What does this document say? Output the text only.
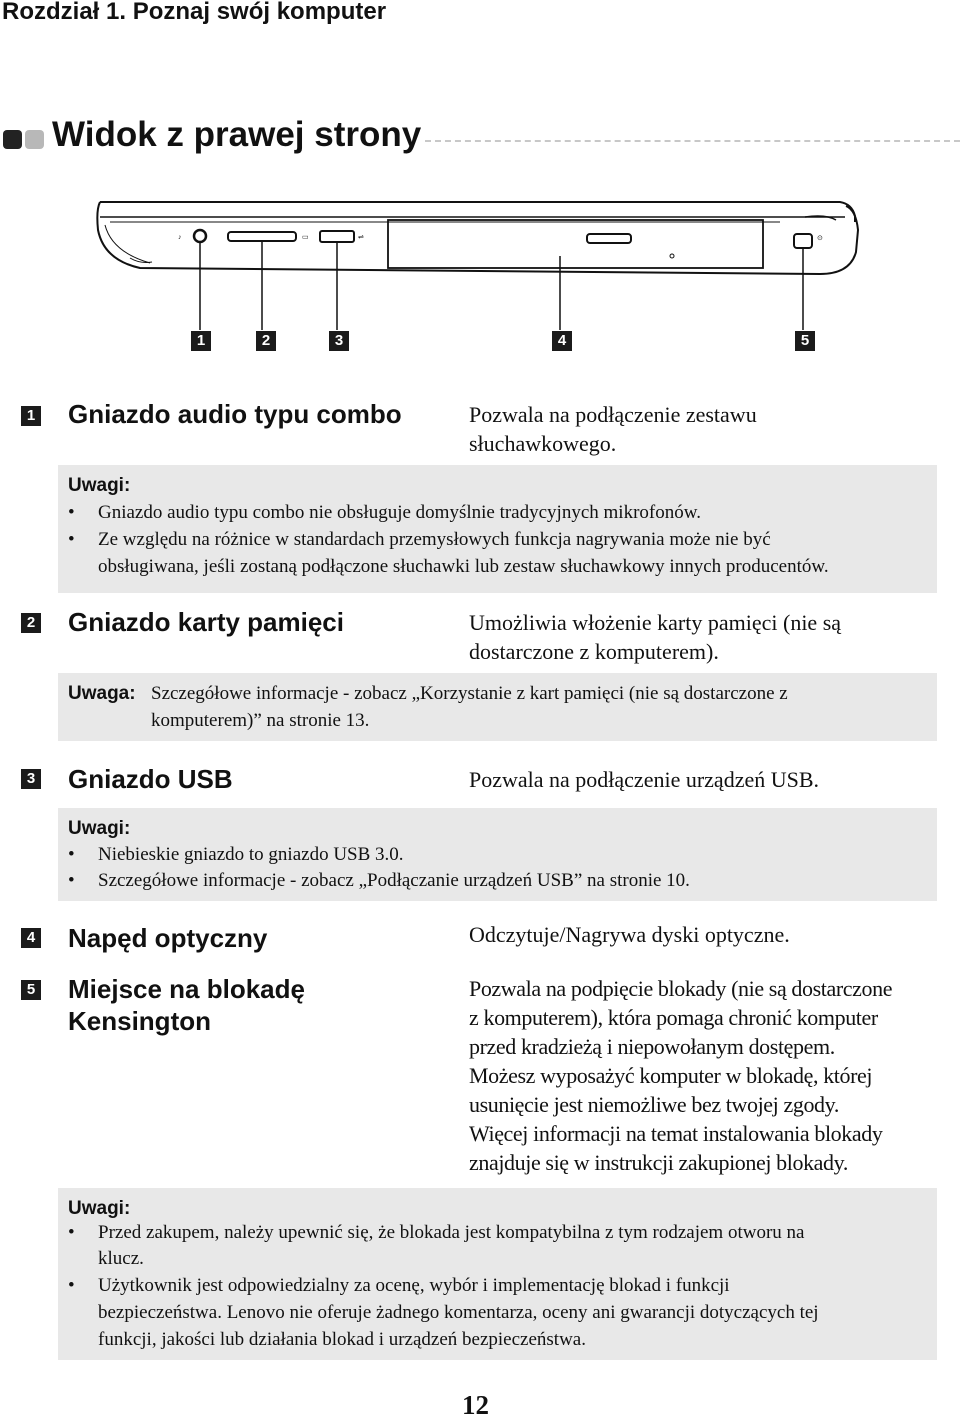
Rozdział 1. Poznaj swój komputer
Widok z prawej strony
♪	▭	⇌	⊙
1	2	3	4	5
1 Gniazdo audio typu combo	Pozwala na podłączenie zestawu
słuchawkowego.
Uwagi:
• Gniazdo audio typu combo nie obsługuje domyślnie tradycyjnych mikrofonów.
• Ze względu na różnice w standardach przemysłowych funkcja nagrywania może nie być
obsługiwana, jeśli zostaną podłączone słuchawki lub zestaw słuchawkowy innych producentów.
2 Gniazdo karty pamięci	Umożliwia włożenie karty pamięci (nie są
dostarczone z komputerem).
Uwaga: Szczegółowe informacje - zobacz „Korzystanie z kart pamięci (nie są dostarczone z
komputerem)” na stronie 13.
3 Gniazdo USB	Pozwala na podłączenie urządzeń USB.
Uwagi:
• Niebieskie gniazdo to gniazdo USB 3.0.
• Szczegółowe informacje - zobacz „Podłączanie urządzeń USB” na stronie 10.
4 Napęd optyczny	Odczytuje/Nagrywa dyski optyczne.
5 Miejsce na blokadę
Kensington
Pozwala na podpięcie blokady (nie są dostarczone
z komputerem), która pomaga chronić komputer
przed kradzieżą i niepowołanym dostępem.
Możesz wyposażyć komputer w blokadę, której
usunięcie jest niemożliwe bez twojej zgody.
Więcej informacji na temat instalowania blokady
znajduje się w instrukcji zakupionej blokady.
Uwagi:
• Przed zakupem, należy upewnić się, że blokada jest kompatybilna z tym rodzajem otworu na
klucz.
• Użytkownik jest odpowiedzialny za ocenę, wybór i implementację blokad i funkcji
bezpieczeństwa. Lenovo nie oferuje żadnego komentarza, oceny ani gwarancji dotyczących tej
funkcji, jakości lub działania blokad i urządzeń bezpieczeństwa.
12
